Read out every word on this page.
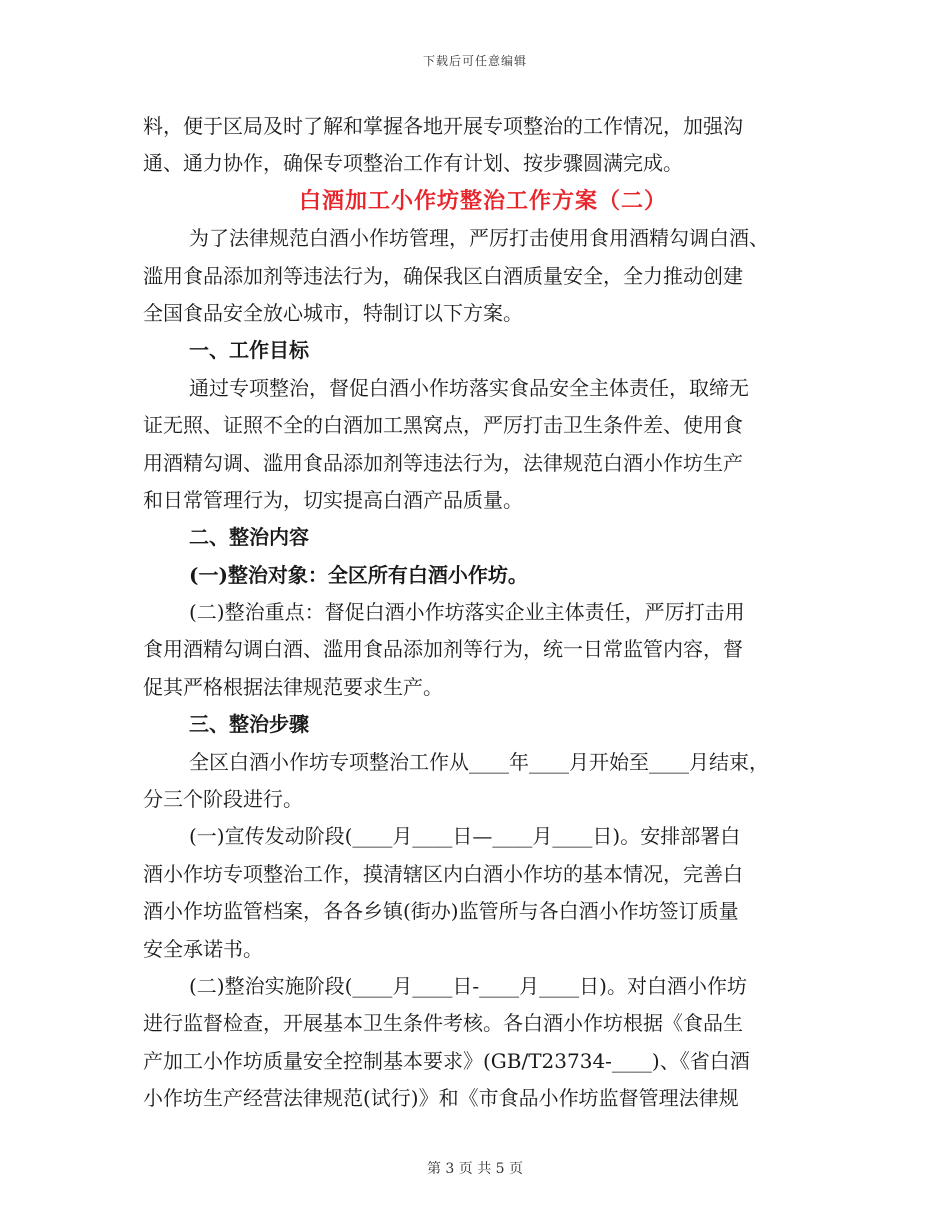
下载后可任意编辑
料，便于区局及时了解和掌握各地开展专项整治的工作情况，加强沟
通、通力协作，确保专项整治工作有计划、按步骤圆满完成。
白酒加工小作坊整治工作方案（二）
为了法律规范白酒小作坊管理，严厉打击使用食用酒精勾调白酒、
滥用食品添加剂等违法行为，确保我区白酒质量安全，全力推动创建
全国食品安全放心城市，特制订以下方案。
一、工作目标
通过专项整治，督促白酒小作坊落实食品安全主体责任，取缔无
证无照、证照不全的白酒加工黑窝点，严厉打击卫生条件差、使用食
用酒精勾调、滥用食品添加剂等违法行为，法律规范白酒小作坊生产
和日常管理行为，切实提高白酒产品质量。
二、整治内容
(一)整治对象：全区所有白酒小作坊。
(二)整治重点：督促白酒小作坊落实企业主体责任，严厉打击用
食用酒精勾调白酒、滥用食品添加剂等行为，统一日常监管内容，督
促其严格根据法律规范要求生产。
三、整治步骤
全区白酒小作坊专项整治工作从____年____月开始至____月结束，
分三个阶段进行。
(一)宣传发动阶段(____月____日—____月____日)。安排部署白
酒小作坊专项整治工作，摸清辖区内白酒小作坊的基本情况，完善白
酒小作坊监管档案，各各乡镇(街办)监管所与各白酒小作坊签订质量
安全承诺书。
(二)整治实施阶段(____月____日-____月____日)。对白酒小作坊
进行监督检查，开展基本卫生条件考核。各白酒小作坊根据《食品生
产加工小作坊质量安全控制基本要求》(GB/T23734-____)、《省白酒
小作坊生产经营法律规范(试行)》和《市食品小作坊监督管理法律规
第 3 页 共 5 页
